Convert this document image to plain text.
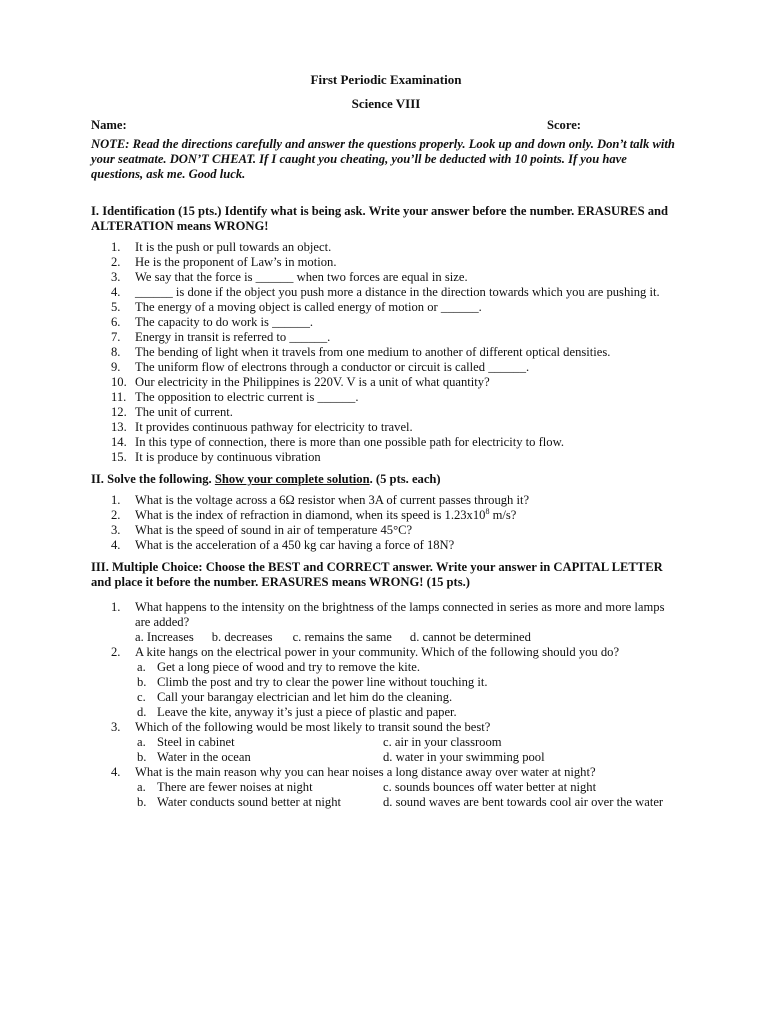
First Periodic Examination
Science VIII
Name:	Score:
NOTE: Read the directions carefully and answer the questions properly. Look up and down only. Don’t talk with your seatmate. DON’T CHEAT. If I caught you cheating, you’ll be deducted with 10 points. If you have questions, ask me. Good luck.
I. Identification (15 pts.) Identify what is being ask. Write your answer before the number. ERASURES and ALTERATION means WRONG!
1.	It is the push or pull towards an object.
2.	He is the proponent of Law’s in motion.
3.	We say that the force is ______ when two forces are equal in size.
4.	______ is done if the object you push more a distance in the direction towards which you are pushing it.
5.	The energy of a moving object is called energy of motion or ______.
6.	The capacity to do work is ______.
7.	Energy in transit is referred to ______.
8.	The bending of light when it travels from one medium to another of different optical densities.
9.	The uniform flow of electrons through a conductor or circuit is called ______.
10. Our electricity in the Philippines is 220V. V is a unit of what quantity?
11. The opposition to electric current is ______.
12. The unit of current.
13. It provides continuous pathway for electricity to travel.
14. In this type of connection, there is more than one possible path for electricity to flow.
15. It is produce by continuous vibration
II. Solve the following. Show your complete solution. (5 pts. each)
1.	What is the voltage across a 6Ω resistor when 3A of current passes through it?
2.	What is the index of refraction in diamond, when its speed is $1.23x10^8$ m/s?
3.	What is the speed of sound in air of temperature 45°C?
4.	What is the acceleration of a 450 kg car having a force of 18N?
III. Multiple Choice: Choose the BEST and CORRECT answer. Write your answer in CAPITAL LETTER and place it before the number. ERASURES means WRONG! (15 pts.)
1.	What happens to the intensity on the brightness of the lamps connected in series as more and more lamps are added?
a. Increases b. decreases c. remains the same d. cannot be determined
2.	A kite hangs on the electrical power in your community. Which of the following should you do?
a. Get a long piece of wood and try to remove the kite.
b. Climb the post and try to clear the power line without touching it.
c. Call your barangay electrician and let him do the cleaning.
d. Leave the kite, anyway it’s just a piece of plastic and paper.
3.	Which of the following would be most likely to transit sound the best?
a. Steel in cabinet	c. air in your classroom
b. Water in the ocean	d. water in your swimming pool
4.	What is the main reason why you can hear noises a long distance away over water at night?
a. There are fewer noises at night	c. sounds bounces off water better at night
b. Water conducts sound better at night	d. sound waves are bent towards cool air over the water
